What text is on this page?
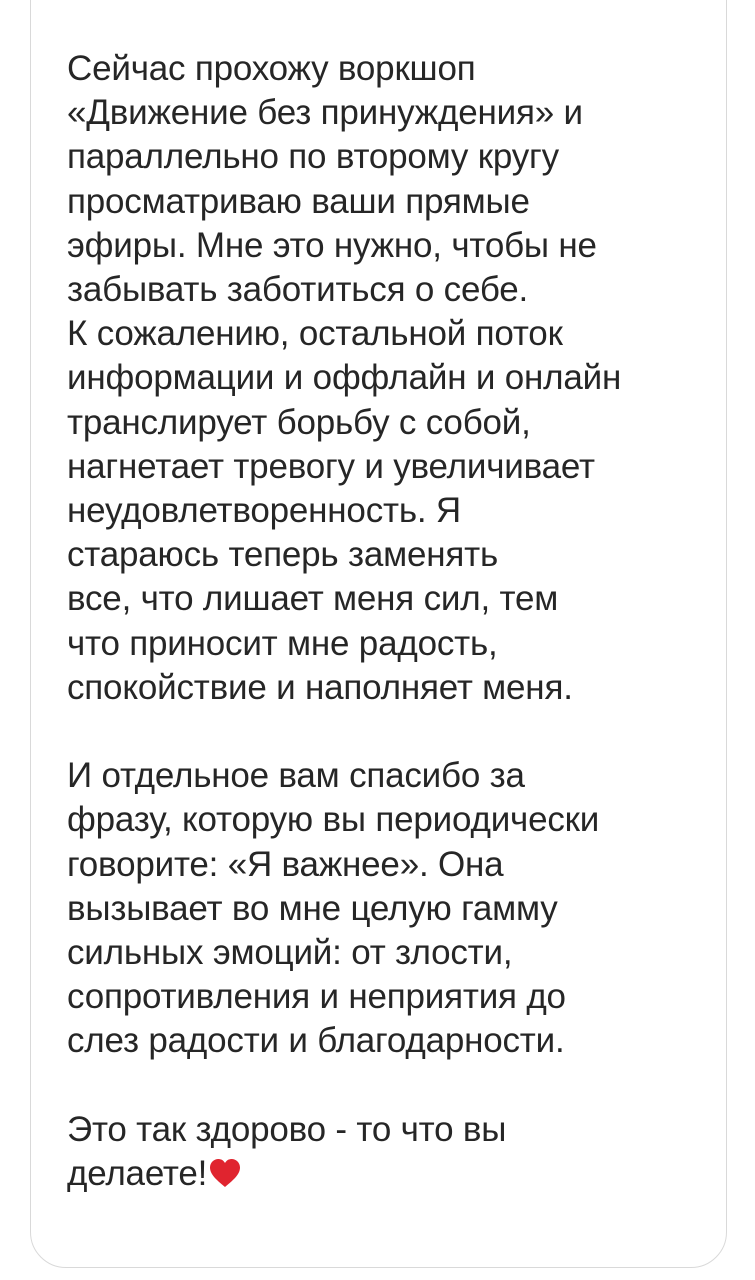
Сейчас прохожу воркшоп
«Движение без принуждения» и
параллельно по второму кругу
просматриваю ваши прямые
эфиры. Мне это нужно, чтобы не
забывать заботиться о себе.
К сожалению, остальной поток
информации и оффлайн и онлайн
транслирует борьбу с собой,
нагнетает тревогу и увеличивает
неудовлетворенность. Я
стараюсь теперь заменять
все, что лишает меня сил, тем
что приносит мне радость,
спокойствие и наполняет меня.
И отдельное вам спасибо за
фразу, которую вы периодически
говорите: «Я важнее». Она
вызывает во мне целую гамму
сильных эмоций: от злости,
сопротивления и неприятия до
слез радости и благодарности.
Это так здорово - то что вы
делаете!
